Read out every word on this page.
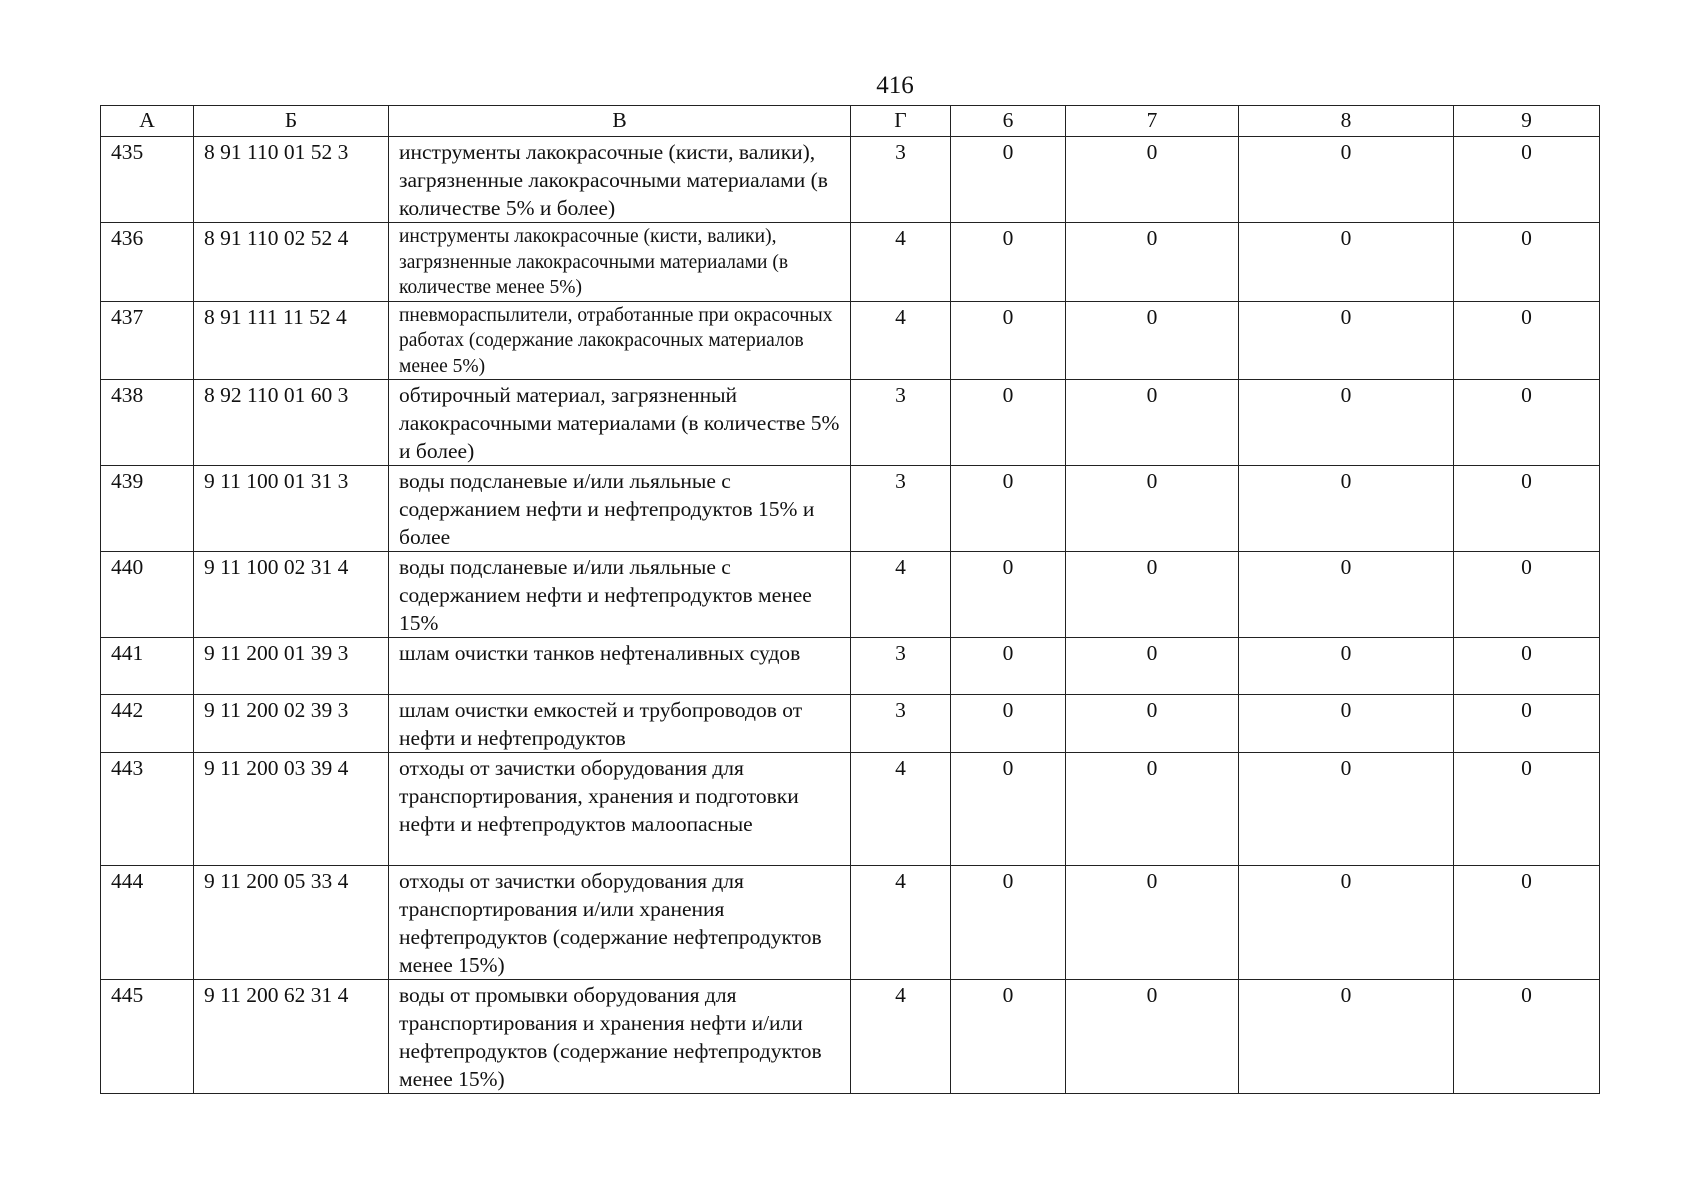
416
А	Б	В	Г	6	7	8	9
435	8 91 110 01 52 3	инструменты лакокрасочные (кисти, валики), загрязненные лакокрасочными материалами (в количестве 5% и более)	3	0	0	0	0
436	8 91 110 02 52 4	инструменты лакокрасочные (кисти, валики), загрязненные лакокрасочными материалами (в количестве менее 5%)	4	0	0	0	0
437	8 91 111 11 52 4	пневмораспылители, отработанные при окрасочных работах (содержание лакокрасочных материалов менее 5%)	4	0	0	0	0
438	8 92 110 01 60 3	обтирочный материал, загрязненный лакокрасочными материалами (в количестве 5% и более)	3	0	0	0	0
439	9 11 100 01 31 3	воды подсланевые и/или льяльные с содержанием нефти и нефтепродуктов 15% и более	3	0	0	0	0
440	9 11 100 02 31 4	воды подсланевые и/или льяльные с содержанием нефти и нефтепродуктов менее 15%	4	0	0	0	0
441	9 11 200 01 39 3	шлам очистки танков нефтеналивных судов	3	0	0	0	0
442	9 11 200 02 39 3	шлам очистки емкостей и трубопроводов от нефти и нефтепродуктов	3	0	0	0	0
443	9 11 200 03 39 4	отходы от зачистки оборудования для транспортирования, хранения и подготовки нефти и нефтепродуктов малоопасные	4	0	0	0	0
444	9 11 200 05 33 4	отходы от зачистки оборудования для транспортирования и/или хранения нефтепродуктов (содержание нефтепродуктов менее 15%)	4	0	0	0	0
445	9 11 200 62 31 4	воды от промывки оборудования для транспортирования и хранения нефти и/или нефтепродуктов (содержание нефтепродуктов менее 15%)	4	0	0	0	0
